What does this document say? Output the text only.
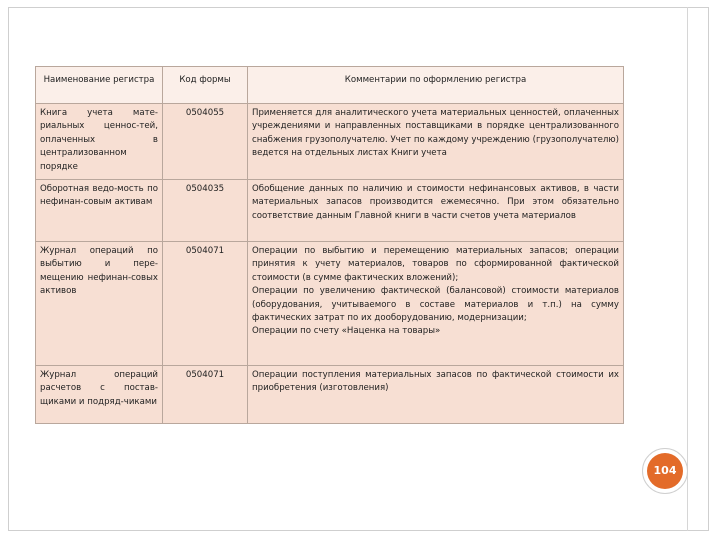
Наименование регистра	Код формы	Комментарии по оформлению регистра
Книга учета мате-риальных ценнос-тей, оплаченных в централизованном порядке	0504055	Применяется для аналитического учета материальных ценностей, оплаченных учреждениями и направленных поставщиками в порядке централизованного снабжения грузополучателю. Учет по каждому учреждению (грузополучателю) ведется на отдельных листах Книги учета
Оборотная ведо-мость по нефинан-совым активам	0504035	Обобщение данных по наличию и стоимости нефинансовых активов, в части материальных запасов производится ежемесячно. При этом обязательно соответствие данным Главной книги в части счетов учета материалов
Журнал операций по выбытию и пере-мещению нефинан-совых активов	0504071	Операции по выбытию и перемещению материальных запасов; операции принятия к учету материалов, товаров по сформированной фактической стоимости (в сумме фактических вложений);
Операции по увеличению фактической (балансовой) стоимости материалов (оборудования, учитываемого в составе материалов и т.п.) на сумму фактических затрат по их дооборудованию, модернизации;
Операции по счету «Наценка на товары»
Журнал операций расчетов с постав-щиками и подряд-чиками	0504071	Операции поступления материальных запасов по фактической стоимости их приобретения (изготовления)
104
